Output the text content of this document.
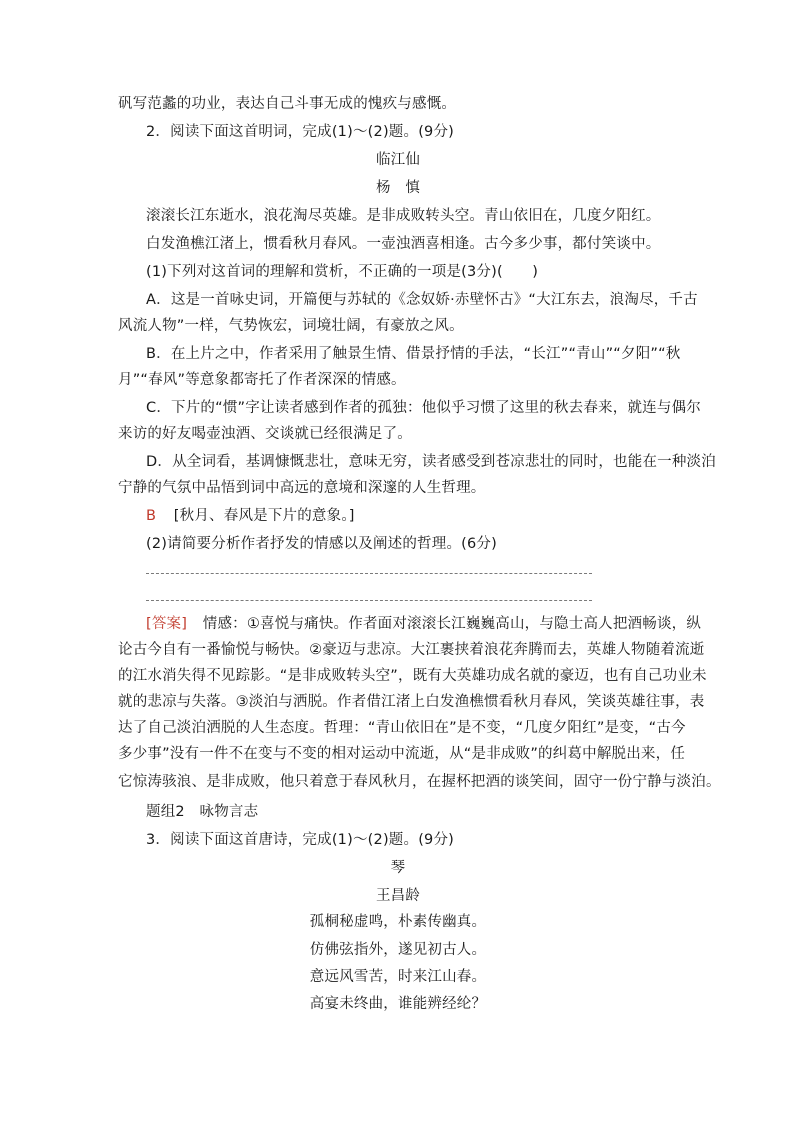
矾写范蠡的功业，表达自己斗事无成的愧疚与感慨。
2．阅读下面这首明词，完成(1)～(2)题。(9分)
临江仙
杨　慎
滚滚长江东逝水，浪花淘尽英雄。是非成败转头空。青山依旧在，几度夕阳红。
白发渔樵江渚上，惯看秋月春风。一壶浊酒喜相逢。古今多少事，都付笑谈中。
(1)下列对这首词的理解和赏析，不正确的一项是(3分)(　　)
A．这是一首咏史词，开篇便与苏轼的《念奴娇·赤壁怀古》“大江东去，浪淘尽，千古
风流人物”一样，气势恢宏，词境壮阔，有豪放之风。
B．在上片之中，作者采用了触景生情、借景抒情的手法，“长江”“青山”“夕阳”“秋
月”“春风”等意象都寄托了作者深深的情感。
C．下片的“惯”字让读者感到作者的孤独：他似乎习惯了这里的秋去春来，就连与偶尔
来访的好友喝壶浊酒、交谈就已经很满足了。
D．从全词看，基调慷慨悲壮，意味无穷，读者感受到苍凉悲壮的同时，也能在一种淡泊
宁静的气氛中品悟到词中高远的意境和深邃的人生哲理。
B [秋月、春风是下片的意象。]
(2)请简要分析作者抒发的情感以及阐述的哲理。(6分)
[答案] 情感：①喜悦与痛快。作者面对滚滚长江巍巍高山，与隐士高人把酒畅谈，纵
论古今自有一番愉悦与畅快。②豪迈与悲凉。大江裹挟着浪花奔腾而去，英雄人物随着流逝
的江水消失得不见踪影。“是非成败转头空”，既有大英雄功成名就的豪迈，也有自己功业未
就的悲凉与失落。③淡泊与洒脱。作者借江渚上白发渔樵惯看秋月春风，笑谈英雄往事，表
达了自己淡泊洒脱的人生态度。哲理：“青山依旧在”是不变，“几度夕阳红”是变，“古今
多少事”没有一件不在变与不变的相对运动中流逝，从“是非成败”的纠葛中解脱出来，任
它惊涛骇浪、是非成败，他只着意于春风秋月，在握杯把酒的谈笑间，固守一份宁静与淡泊。
题组2　咏物言志
3．阅读下面这首唐诗，完成(1)～(2)题。(9分)
琴
王昌龄
孤桐秘虚鸣，朴素传幽真。
仿佛弦指外，遂见初古人。
意远风雪苦，时来江山春。
高宴未终曲，谁能辨经纶？
